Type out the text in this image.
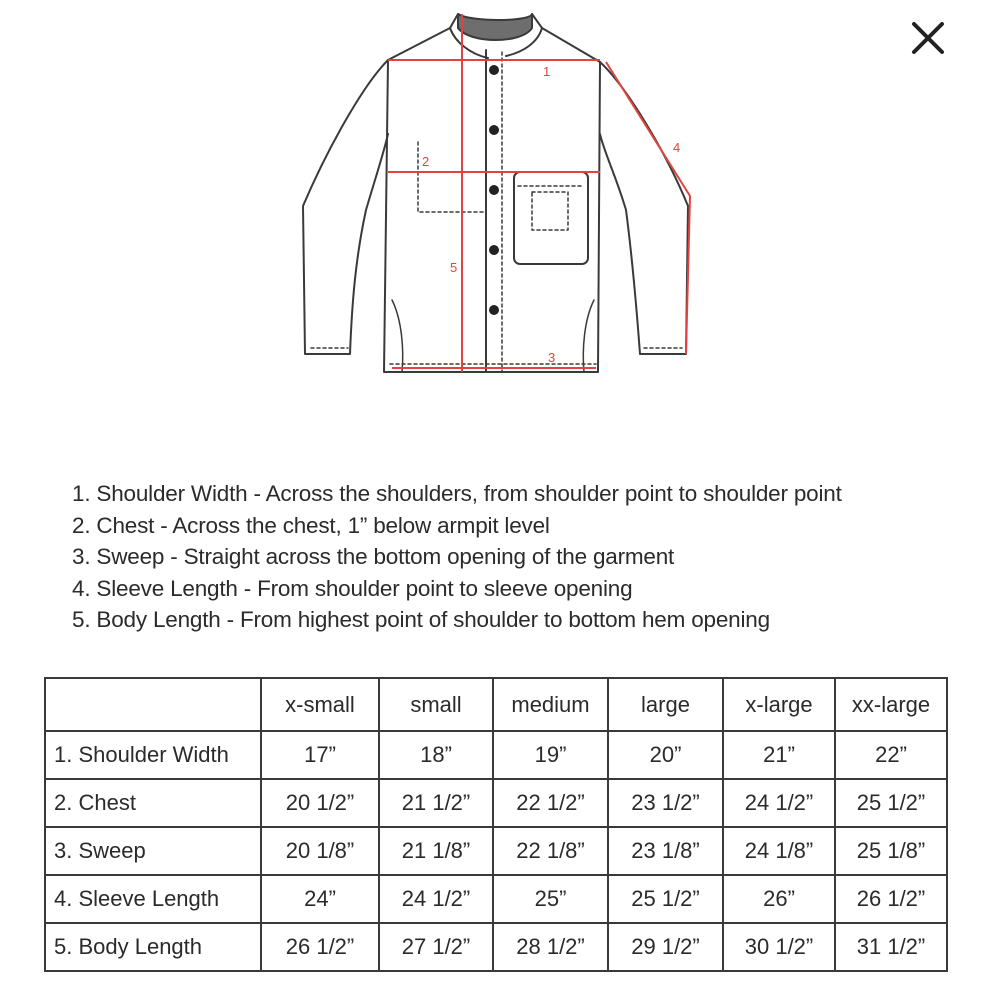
1
2
3
4
5
1. Shoulder Width - Across the shoulders, from shoulder point to shoulder point
2. Chest - Across the chest, 1” below armpit level
3. Sweep - Straight across the bottom opening of the garment
4. Sleeve Length - From shoulder point to sleeve opening
5. Body Length - From highest point of shoulder to bottom hem opening
	x-small	small	medium	large	x-large	xx-large
1. Shoulder Width	17”	18”	19”	20”	21”	22”
2. Chest	20 1/2”	21 1/2”	22 1/2”	23 1/2”	24 1/2”	25 1/2”
3. Sweep	20 1/8”	21 1/8”	22 1/8”	23 1/8”	24 1/8”	25 1/8”
4. Sleeve Length	24”	24 1/2”	25”	25 1/2”	26”	26 1/2”
5. Body Length	26 1/2”	27 1/2”	28 1/2”	29 1/2”	30 1/2”	31 1/2”
